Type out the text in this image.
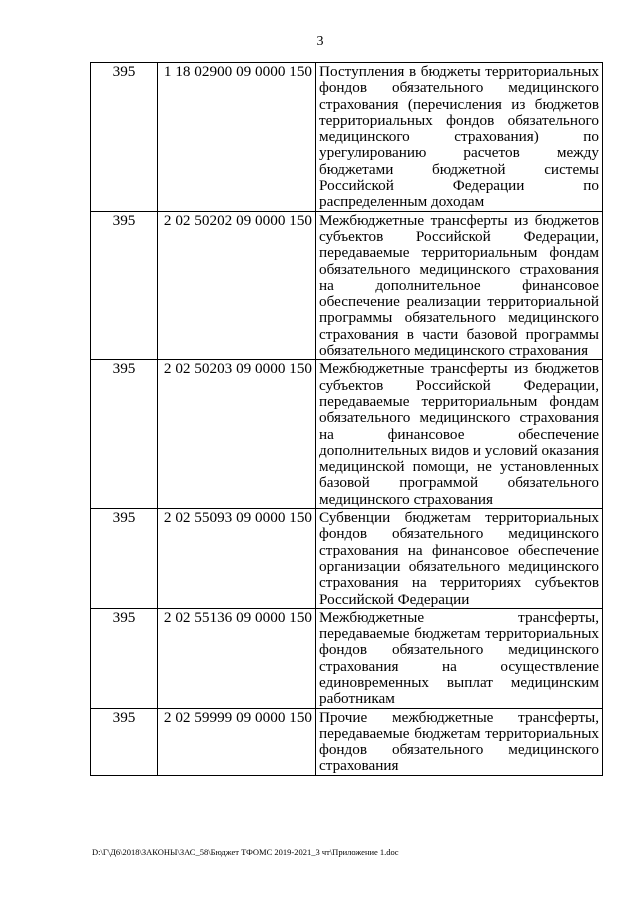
3
395	1 18 02900 09 0000 150	Поступления в бюджеты территориальных фондов обязательного медицинского страхования (перечисления из бюджетов территориальных фондов обязательного медицинского страхования) по урегулированию расчетов между бюджетами бюджетной системы Российской Федерации по распределенным доходам
395	2 02 50202 09 0000 150	Межбюджетные трансферты из бюджетов субъектов Российской Федерации, передаваемые территориальным фондам обязательного медицинского страхования на дополнительное финансовое обеспечение реализации территориальной программы обязательного медицинского страхования в части базовой программы обязательного медицинского страхования
395	2 02 50203 09 0000 150	Межбюджетные трансферты из бюджетов субъектов Российской Федерации, передаваемые территориальным фондам обязательного медицинского страхования на финансовое обеспечение дополнительных видов и условий оказания медицинской помощи, не установленных базовой программой обязательного медицинского страхования
395	2 02 55093 09 0000 150	Субвенции бюджетам территориальных фондов обязательного медицинского страхования на финансовое обеспечение организации обязательного медицинского страхования на территориях субъектов Российской Федерации
395	2 02 55136 09 0000 150	Межбюджетные трансферты, передаваемые бюджетам территориальных фондов обязательного медицинского страхования на осуществление единовременных выплат медицинским работникам
395	2 02 59999 09 0000 150	Прочие межбюджетные трансферты, передаваемые бюджетам территориальных фондов обязательного медицинского страхования
D:\Г\Д6\2018\ЗАКОНЫ\ЗАС_58\Бюджет ТФОМС 2019-2021_3 чт\Приложение 1.doc
